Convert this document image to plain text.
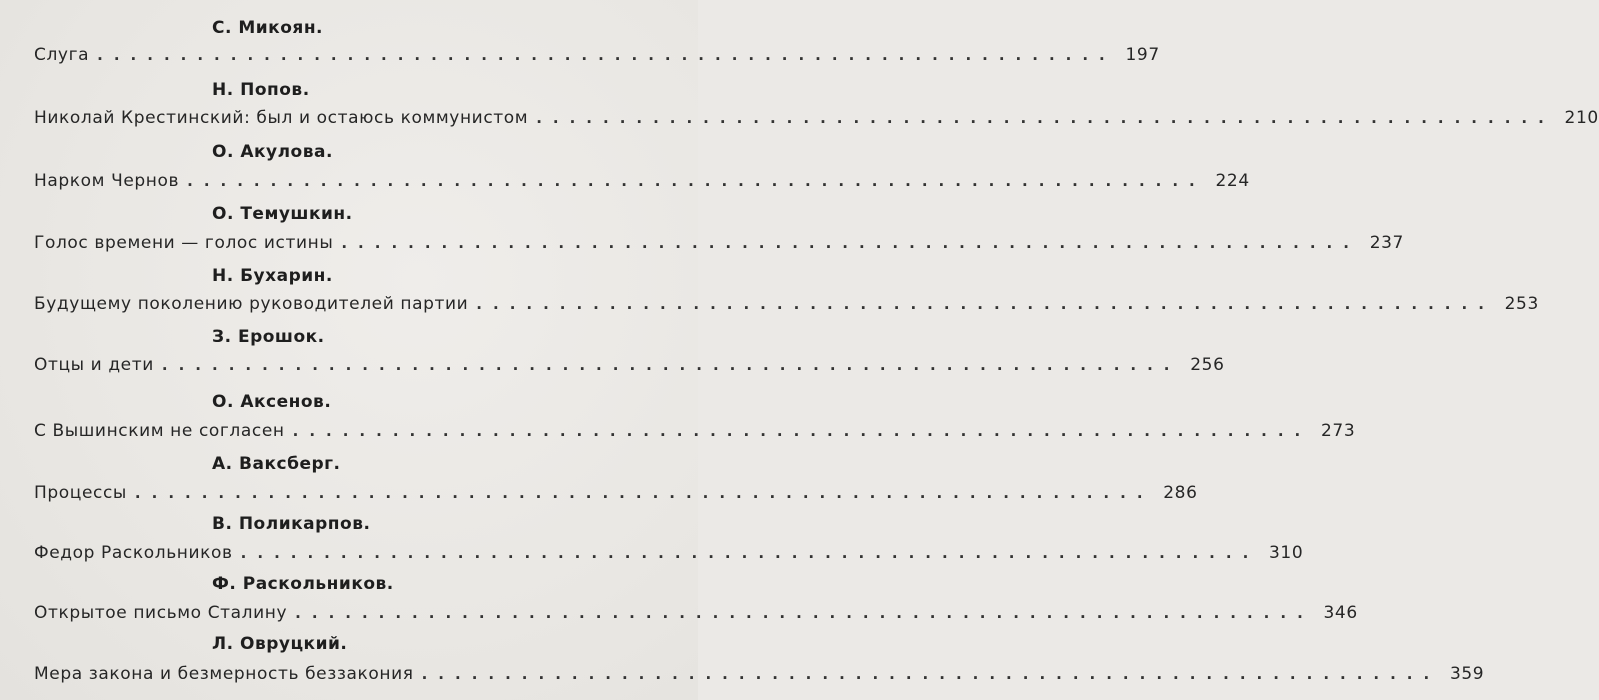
С. Микоян.
Слуга ............................................................. 197
Н. Попов.
Николай Крестинский: был и остаюсь коммунистом ............................................................. 210
О. Акулова.
Нарком Чернов ............................................................. 224
О. Темушкин.
Голос времени — голос истины ............................................................. 237
Н. Бухарин.
Будущему поколению руководителей партии ............................................................. 253
З. Ерошок.
Отцы и дети ............................................................. 256
О. Аксенов.
С Вышинским не согласен ............................................................. 273
А. Ваксберг.
Процессы ............................................................. 286
В. Поликарпов.
Федор Раскольников ............................................................. 310
Ф. Раскольников.
Открытое письмо Сталину ............................................................. 346
Л. Овруцкий.
Мера закона и безмерность беззакония ............................................................. 359
